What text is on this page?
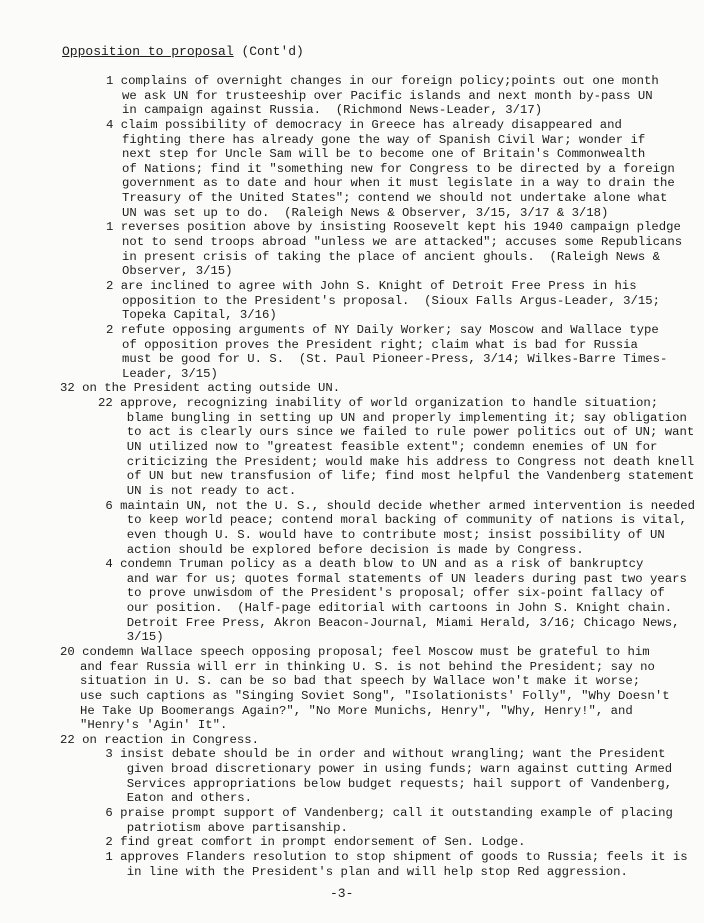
Opposition to proposal (Cont'd)
1 complains of overnight changes in our foreign policy;points out one month
we ask UN for trusteeship over Pacific islands and next month by-pass UN
in campaign against Russia.  (Richmond News-Leader, 3/17)
4 claim possibility of democracy in Greece has already disappeared and
fighting there has already gone the way of Spanish Civil War; wonder if
next step for Uncle Sam will be to become one of Britain's Commonwealth
of Nations; find it "something new for Congress to be directed by a foreign
government as to date and hour when it must legislate in a way to drain the
Treasury of the United States"; contend we should not undertake alone what
UN was set up to do.  (Raleigh News & Observer, 3/15, 3/17 & 3/18)
1 reverses position above by insisting Roosevelt kept his 1940 campaign pledge
not to send troops abroad "unless we are attacked"; accuses some Republicans
in present crisis of taking the place of ancient ghouls.  (Raleigh News &
Observer, 3/15)
2 are inclined to agree with John S. Knight of Detroit Free Press in his
opposition to the President's proposal.  (Sioux Falls Argus-Leader, 3/15;
Topeka Capital, 3/16)
2 refute opposing arguments of NY Daily Worker; say Moscow and Wallace type
of opposition proves the President right; claim what is bad for Russia
must be good for U. S.  (St. Paul Pioneer-Press, 3/14; Wilkes-Barre Times-
Leader, 3/15)
32 on the President acting outside UN.
22 approve, recognizing inability of world organization to handle situation;
blame bungling in setting up UN and properly implementing it; say obligation
to act is clearly ours since we failed to rule power politics out of UN; want
UN utilized now to "greatest feasible extent"; condemn enemies of UN for
criticizing the President; would make his address to Congress not death knell
of UN but new transfusion of life; find most helpful the Vandenberg statement
UN is not ready to act.
6 maintain UN, not the U. S., should decide whether armed intervention is needed
to keep world peace; contend moral backing of community of nations is vital,
even though U. S. would have to contribute most; insist possibility of UN
action should be explored before decision is made by Congress.
4 condemn Truman policy as a death blow to UN and as a risk of bankruptcy
and war for us; quotes formal statements of UN leaders during past two years
to prove unwisdom of the President's proposal; offer six-point fallacy of
our position.  (Half-page editorial with cartoons in John S. Knight chain.
Detroit Free Press, Akron Beacon-Journal, Miami Herald, 3/16; Chicago News,
3/15)
20 condemn Wallace speech opposing proposal; feel Moscow must be grateful to him
and fear Russia will err in thinking U. S. is not behind the President; say no
situation in U. S. can be so bad that speech by Wallace won't make it worse;
use such captions as "Singing Soviet Song", "Isolationists' Folly", "Why Doesn't
He Take Up Boomerangs Again?", "No More Munichs, Henry", "Why, Henry!", and
"Henry's 'Agin' It".
22 on reaction in Congress.
3 insist debate should be in order and without wrangling; want the President
given broad discretionary power in using funds; warn against cutting Armed
Services appropriations below budget requests; hail support of Vandenberg,
Eaton and others.
6 praise prompt support of Vandenberg; call it outstanding example of placing
patriotism above partisanship.
2 find great comfort in prompt endorsement of Sen. Lodge.
1 approves Flanders resolution to stop shipment of goods to Russia; feels it is
in line with the President's plan and will help stop Red aggression.
-3-
